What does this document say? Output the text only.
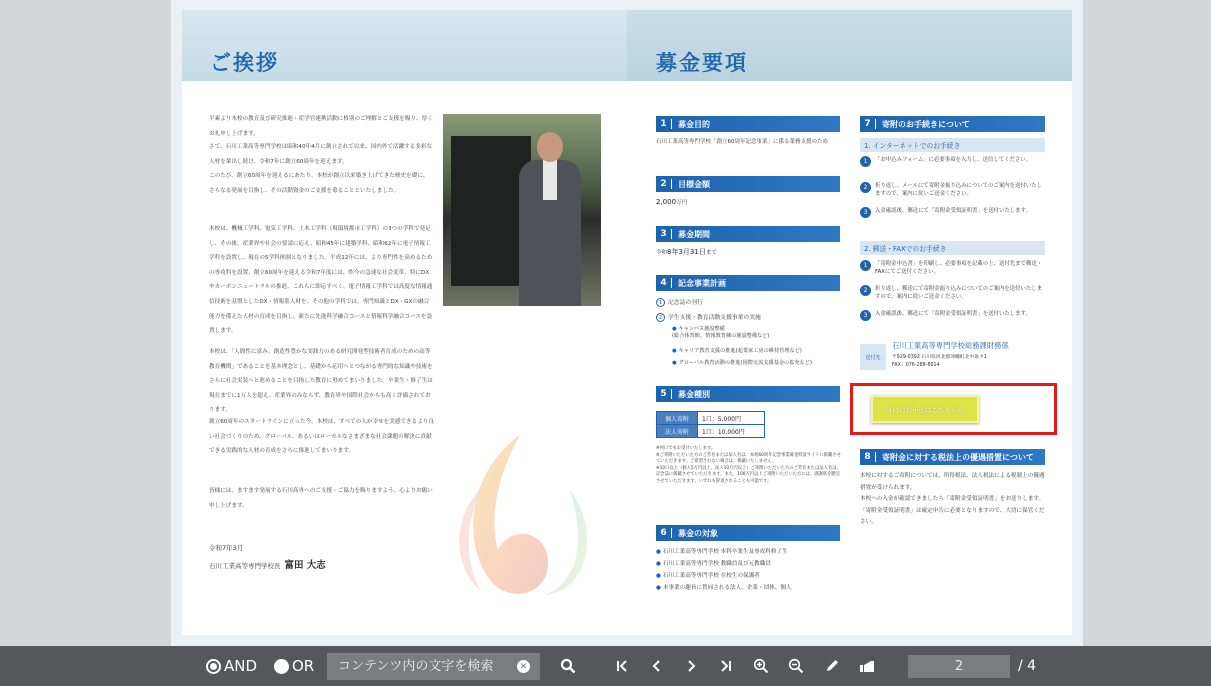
ご挨拶	募金要項
平素より本校の教育及び研究推進・産学官連携活動に格別のご理解とご支援を賜り、厚くお礼申し上げます。
さて、石川工業高等専門学校は昭和40年4月に創立されて以来、国内外で活躍する多彩な人材を輩出し続け、令和7年に創立60周年を迎えます。
このたび、創立60周年を迎えるにあたり、本校が創立以来築き上げてきた歴史を礎に、さらなる発展を目指し、その活動資金のご支援を募ることといたしました。
本校は、機械工学科、電気工学科、土木工学科（現環境都市工学科）の3つの学科で発足し、その後、産業界や社会の要請に応え、昭和45年に建築学科、昭和62年に電子情報工学科を設置し、現在の5学科体制となりました。平成12年には、より専門性を高めるための専攻科を設置、創立60周年を迎える令和7年度には、昨今の急速な社会変革、特にDXやカーボンニュートラルの推進、これらに即応すべく、電子情報工学科では高度な情報通信技術を基盤としたDX・情報系人材を、その他の学科では、専門知識とDX・GXの融合能力を備えた人材の育成を目指し、新たに先進科学融合コースと情報科学融合コースを設置します。
本校は、「人間性に富み、創造性豊かな実践力のある研究開発型技術者育成のための高等教育機関」であることを基本理念とし、基礎から応用へとつながる専門的な知識や技術をさらに社会実装へと進めることを目指した教育に努めてまいりました。卒業生・修了生は現在までに1万人を超え、産業界のみならず、教育界や国際社会からも高く評価されております。
創立60周年のスタートラインに立った今、本校は、すべての人が幸せを実感できるより良い社会づくりのため、グローバル、あるいはローカルなさまざまな社会課題の解決に貢献できる実践的な人材の育成をさらに推進してまいります。
皆様には、ますます発展する石川高専へのご支援・ご協力を賜りますよう、心よりお願い申し上げます。
令和7年3月
石川工業高等専門学校長 富田 大志
1	募金目的
石川工業高等専門学校「創立60周年記念事業」に係る業務支援のため
2	目標金額
2,000万円
3	募金期間
令和8年3月31日まで
4	記念事業計画
1 記念誌の刊行
2 学生支援・教育活動支援事業の実施
● キャンパス施設整備
(総合体育館、情報教育棟の施設整備など)
● キャリア教育支援の推進(起業家工房の維持管理など)
● グローバル教育活動の推進(国際交流支援基金の拡充など)
5	募金種別
個人寄附	1口：5,000円
法人寄附	1口：10,000円
※何口でもお受けいたします。
※ご寄附いただいた方のご芳名または法人名は、本校60周年記念事業募金特設サイトに掲載させていただきます。ご希望されない場合は、掲載いたしません。
※10口以上（個人5万円以上、法人10万円以上）ご寄附いただいた方のご芳名または法人名は、記念誌に掲載させていただきます。また、100万円以上ご寄附いただいた方には、感謝状を贈呈させていただきます。いずれも辞退されることも可能です。
6	募金の対象
● 石川工業高等専門学校 本科卒業生及専攻科修了生
● 石川工業高等専門学校 教職員及び元教職員
● 石川工業高等専門学校 在校生の保護者
● 本事業の趣旨に賛同される法人、企業・団体、個人
7	寄附のお手続きについて
1. インターネットでのお手続き
1	「お申込みフォーム」に必要事項を入力し、送信してください。
2	折り返し、メールにて寄附金振り込みについてのご案内を送付いたしますので、案内に従いご送金ください。
3	入金確認後、郵送にて「寄附金受領証明書」を送付いたします。
2. 郵送・FAXでのお手続き
1	「寄附金申込書」を印刷し、必要事項を記載の上、送付先まで郵送・FAXにてご送付ください。
2	折り返し、郵送にて寄附金振り込みについてのご案内を送付いたしますので、案内に従いご送金ください。
3	入金確認後、郵送にて「寄附金受領証明書」を送付いたします。
送付先
石川工業高等専門学校総務課財務係
〒929-0392 石川県河北郡津幡町北中条タ1
FAX：076-288-8014
寄付のお申込はこちらから
8	寄附金に対する税法上の優遇措置について
本校に対するご寄附については、所得税法、法人税法による税制上の優遇措置が受けられます。
本校への入金が確認できましたら「寄附金受領証明書」をお送りします。「寄附金受領証明書」は確定申告に必要となりますので、大切に保管ください。
AND OR
コンテンツ内の文字を検索	✕
2	/ 4
